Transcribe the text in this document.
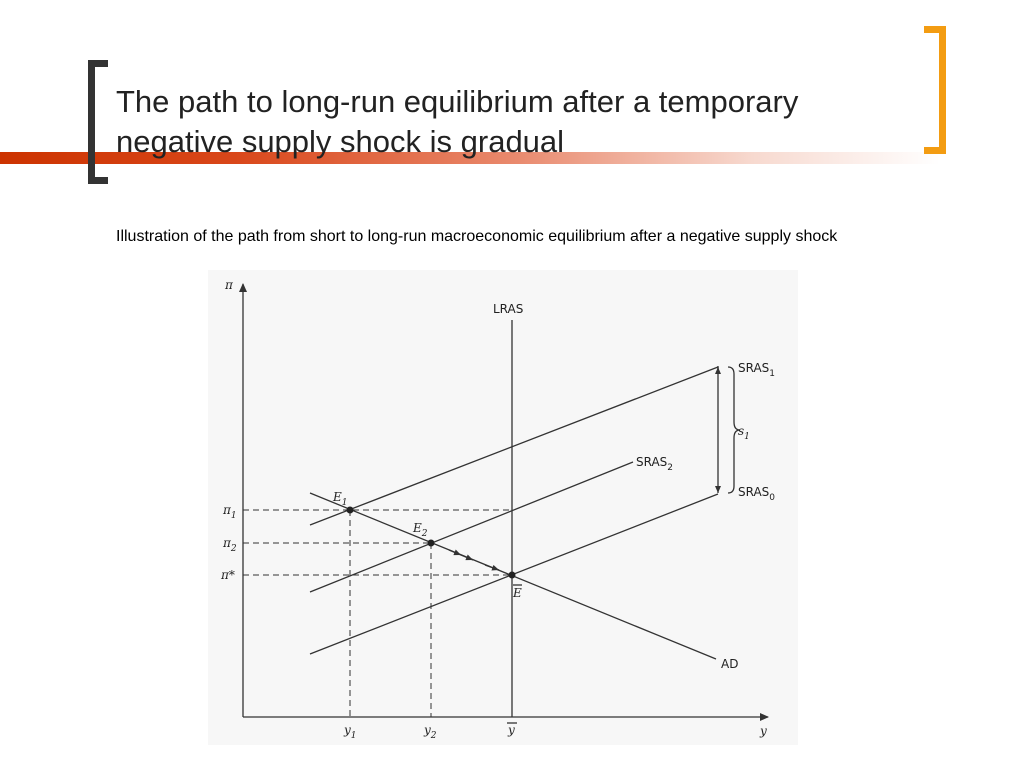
The path to long-run equilibrium after a temporary
negative supply shock is gradual
Illustration of the path from short to long-run macroeconomic equilibrium after a negative supply shock
π
y
LRAS
$SRAS_1$
$SRAS_2$
$SRAS_0$
AD
$s_1$
$E_1$
$E_2$
E
$\pi_1$
$\pi_2$
π*
$y_1$	$y_2$	y
